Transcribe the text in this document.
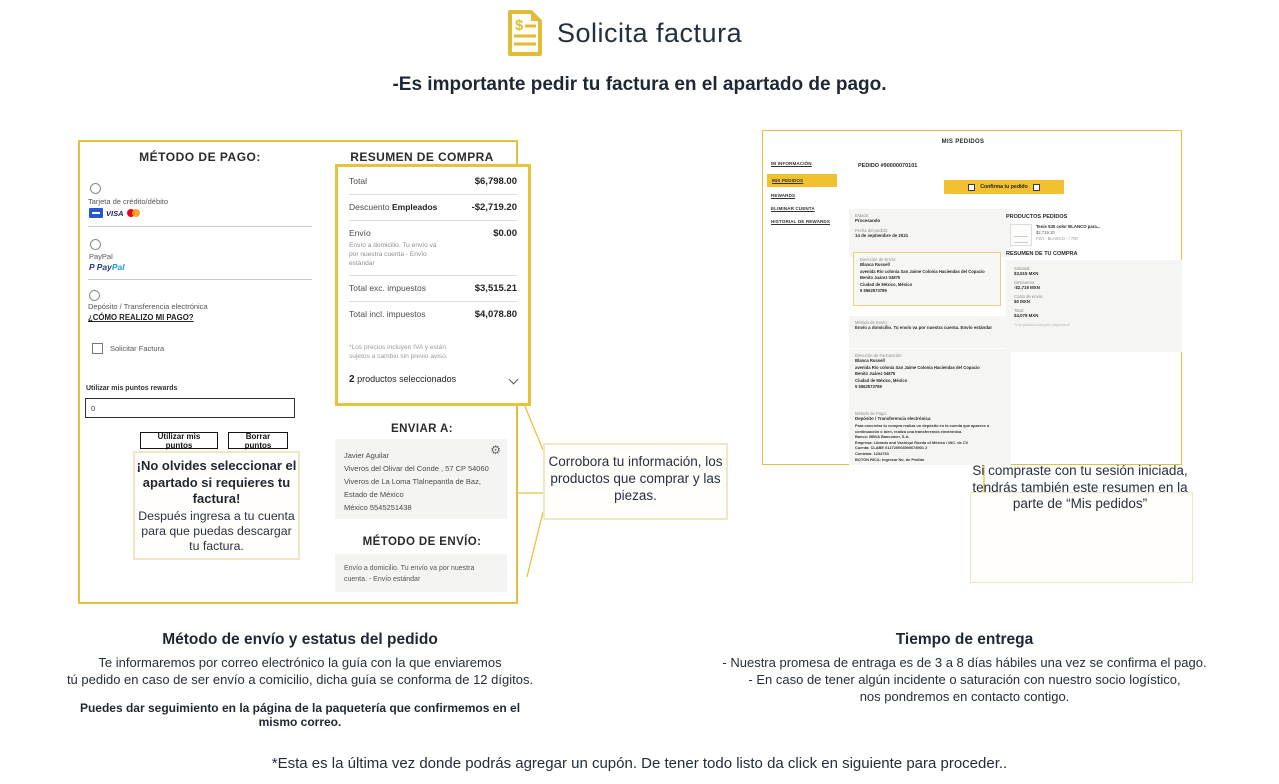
$ Solicita factura
-Es importante pedir tu factura en el apartado de pago.
MÉTODO DE PAGO:
Tarjeta de crédito/débito
VISA
PayPal
P PayPal
Depósito / Transferencia electrónica
¿CÓMO REALIZO MI PAGO?
Solicitar Factura
Utilizar mis puntos rewards
0
Utilizar mis puntos
Borrar puntos
¡No olvides seleccionar el apartado si requieres tu factura!
Después ingresa a tu cuenta para que puedas descargar tu factura.
RESUMEN DE COMPRA
Total	$6,798.00
Descuento Empleados	-$2,719.20
Envío	$0.00
Envío a domicilio. Tu envío va por nuestra cuenta - Envío estándar
Total exc. impuestos	$3,515.21
Total incl. impuestos	$4,078.80
*Los precios incluyen IVA y están sujetos a cambio sin previo aviso.
2 productos seleccionados
ENVIAR A:
⚙
Javier Aguilar
Viveros del Olivar del Conde , 57 CP 54060
Viveros de La Loma Tlalnepantla de Baz,
Estado de México
México 5545251438
MÉTODO DE ENVÍO:
Envío a domicilio. Tu envío va por nuestra cuenta. - Envío estándar
Corrobora tu información, los productos que comprar y las piezas.
MIS PEDIDOS
MI INFORMACIÓN
MIS PEDIDOS
REWARDS
ELIMINAR CUENTA
HISTORIAL DE REWARDS
PEDIDO #90000070101
Confirma tu pedido
Estado:
Procesando
Fecha del pedido:
14 de septiembre de 2021
Dirección de Envío:
Blanca Russell
avenida Río colonia San Jaime Colonia Haciendas del Copacio
Benito Juárez 04875
Ciudad de México, México
5 5562573789
Método de Envío:
Envío a domicilio. Tu envío va por nuestra cuenta. Envío estándar
Dirección de Facturación:
Blanca Russell
avenida Río colonia San Jaime Colonia Haciendas del Copacio
Benito Juárez 04875
Ciudad de México, México
5 5562573789
Método de Pago:
Depósito / Transferencia electrónica
Para concretar tu compra realiza un depósito en la cuenta que aparece a continuación o bien, realiza una transferencia electrónica.
Banco: BBVA Bancomer, S.A.
Empresa: Librado and Vachiqui Rueda of México / INC. de CV
Cuenta: CLABE 012720004590678901 2
Contrato: 1234733
BOTÓN RICA: Ingresar No. de Pedido
PRODUCTOS PEDIDOS
Tenis 530 color BLANCO para...
$2,719.10
PZA - BLANCO - / 700
RESUMEN DE TU COMPRA
Subtotal:
$3,515 MXN
Descuento:
-$2,719 MXN
Costo de envío:
$0 MXN
Total:
$4,078 MXN
*Los precios incluyen impuestos
Si compraste con tu sesión iniciada, tendrás también este resumen en la parte de “Mis pedidos”
Método de envío y estatus del pedido
Te informaremos por correo electrónico la guía con la que enviaremos
tú pedido en caso de ser envío a comicilio, dicha guía se conforma de 12 dígitos.
Puedes dar seguimiento en la página de la paquetería que confirmemos en el mismo correo.
Tiempo de entrega
- Nuestra promesa de entraga es de 3 a 8 días hábiles una vez se confirma el pago.
- En caso de tener algún incidente o saturación con nuestro socio logístico,
nos pondremos en contacto contigo.
*Esta es la última vez donde podrás agregar un cupón. De tener todo listo da click en siguiente para proceder..
